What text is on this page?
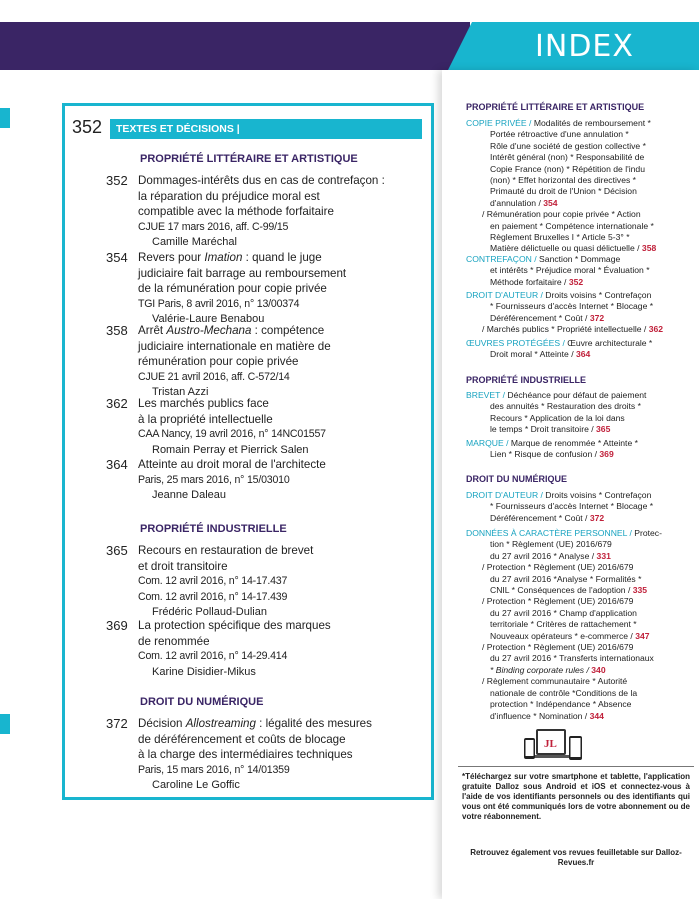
INDEX
352	TEXTES ET DÉCISIONS |
PROPRIÉTÉ LITTÉRAIRE ET ARTISTIQUE
352 Dommages-intérêts dus en cas de contrefaçon :
la réparation du préjudice moral est
compatible avec la méthode forfaitaire
CJUE 17 mars 2016, aff. C-99/15
Camille Maréchal
354 Revers pour Imation : quand le juge
judiciaire fait barrage au remboursement
de la rémunération pour copie privée
TGI Paris, 8 avril 2016, n° 13/00374
Valérie-Laure Benabou
358 Arrêt Austro-Mechana : compétence
judiciaire internationale en matière de
rémunération pour copie privée
CJUE 21 avril 2016, aff. C-572/14
Tristan Azzi
362 Les marchés publics face
à la propriété intellectuelle
CAA Nancy, 19 avril 2016, n° 14NC01557
Romain Perray et Pierrick Salen
364 Atteinte au droit moral de l'architecte
Paris, 25 mars 2016, n° 15/03010
Jeanne Daleau
PROPRIÉTÉ INDUSTRIELLE
365 Recours en restauration de brevet
et droit transitoire
Com. 12 avril 2016, n° 14-17.437
Com. 12 avril 2016, n° 14-17.439
Frédéric Pollaud-Dulian
369 La protection spécifique des marques
de renommée
Com. 12 avril 2016, n° 14-29.414
Karine Disidier-Mikus
DROIT DU NUMÉRIQUE
372 Décision Allostreaming : légalité des mesures
de déréférencement et coûts de blocage
à la charge des intermédiaires techniques
Paris, 15 mars 2016, n° 14/01359
Caroline Le Goffic
PROPRIÉTÉ LITTÉRAIRE ET ARTISTIQUE
COPIE PRIVÉE / Modalités de remboursement *
Portée rétroactive d'une annulation *
Rôle d'une société de gestion collective *
Intérêt général (non) * Responsabilité de
Copie France (non) * Répétition de l'indu
(non) * Effet horizontal des directives *
Primauté du droit de l'Union * Décision
d'annulation / 354
/ Rémunération pour copie privée * Action
en paiement * Compétence internationale *
Règlement Bruxelles I * Article 5-3° *
Matière délictuelle ou quasi délictuelle / 358
CONTREFAÇON / Sanction * Dommage
et intérêts * Préjudice moral * Évaluation *
Méthode forfaitaire / 352
DROIT D'AUTEUR / Droits voisins * Contrefaçon
* Fournisseurs d'accès Internet * Blocage *
Déréférencement * Coût / 372
/ Marchés publics * Propriété intellectuelle / 362
ŒUVRES PROTÉGÉES / Œuvre architecturale *
Droit moral * Atteinte / 364
PROPRIÉTÉ INDUSTRIELLE
BREVET / Déchéance pour défaut de paiement
des annuités * Restauration des droits *
Recours * Application de la loi dans
le temps * Droit transitoire / 365
MARQUE / Marque de renommée * Atteinte *
Lien * Risque de confusion / 369
DROIT DU NUMÉRIQUE
DROIT D'AUTEUR / Droits voisins * Contrefaçon
* Fournisseurs d'accès Internet * Blocage *
Déréférencement * Coût / 372
DONNÉES À CARACTÈRE PERSONNEL / Protec-
tion * Règlement (UE) 2016/679
du 27 avril 2016 * Analyse / 331
/ Protection * Règlement (UE) 2016/679
du 27 avril 2016 *Analyse * Formalités *
CNIL * Conséquences de l'adoption / 335
/ Protection * Règlement (UE) 2016/679
du 27 avril 2016 * Champ d'application
territoriale * Critères de rattachement *
Nouveaux opérateurs * e-commerce / 347
/ Protection * Règlement (UE) 2016/679
du 27 avril 2016 * Transferts internationaux
* Binding corporate rules / 340
/ Règlement communautaire * Autorité
nationale de contrôle *Conditions de la
protection * Indépendance * Absence
d'influence * Nomination / 344
JL
*Téléchargez sur votre smartphone et tablette, l'application gratuite Dalloz sous Android et iOS et connectez-vous à l'aide de vos identifiants personnels ou des identifiants qui vous ont été communiqués lors de votre abonnement ou de votre réabonnement.
Retrouvez également vos revues feuilletable sur Dalloz-Revues.fr
